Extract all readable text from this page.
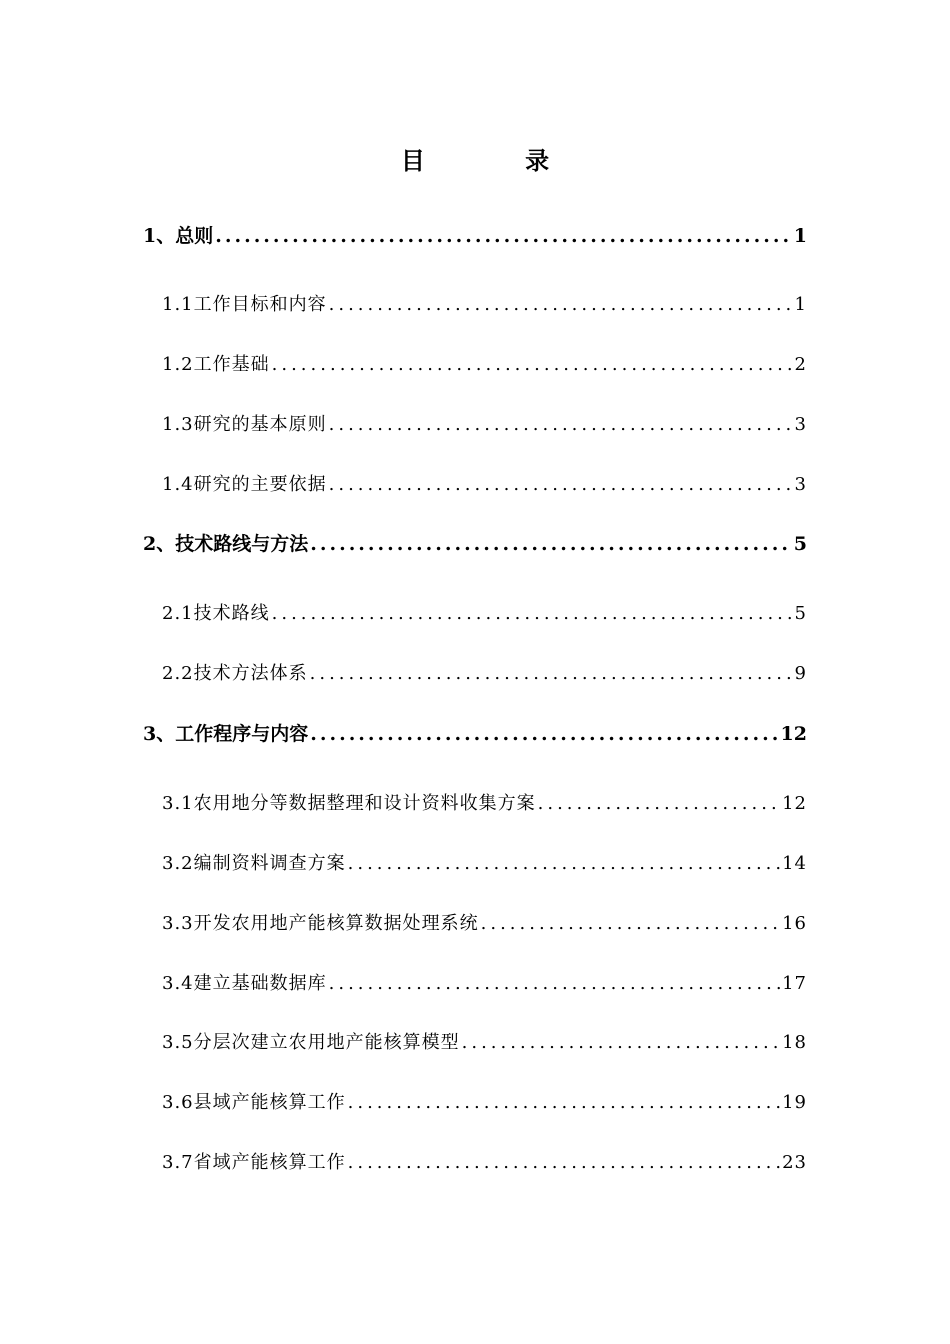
目 录
1、总则 .....	1
1.1工作目标和内容 .....	1
1.2工作基础 .....	2
1.3研究的基本原则 .....	3
1.4研究的主要依据 .....	3
2、技术路线与方法 .....	5
2.1技术路线 .....	5
2.2技术方法体系 .....	9
3、工作程序与内容 .....	12
3.1农用地分等数据整理和设计资料收集方案 .....	12
3.2编制资料调查方案 .....	14
3.3开发农用地产能核算数据处理系统 .....	16
3.4建立基础数据库 .....	17
3.5分层次建立农用地产能核算模型 .....	18
3.6县域产能核算工作 .....	19
3.7省域产能核算工作 .....	23
